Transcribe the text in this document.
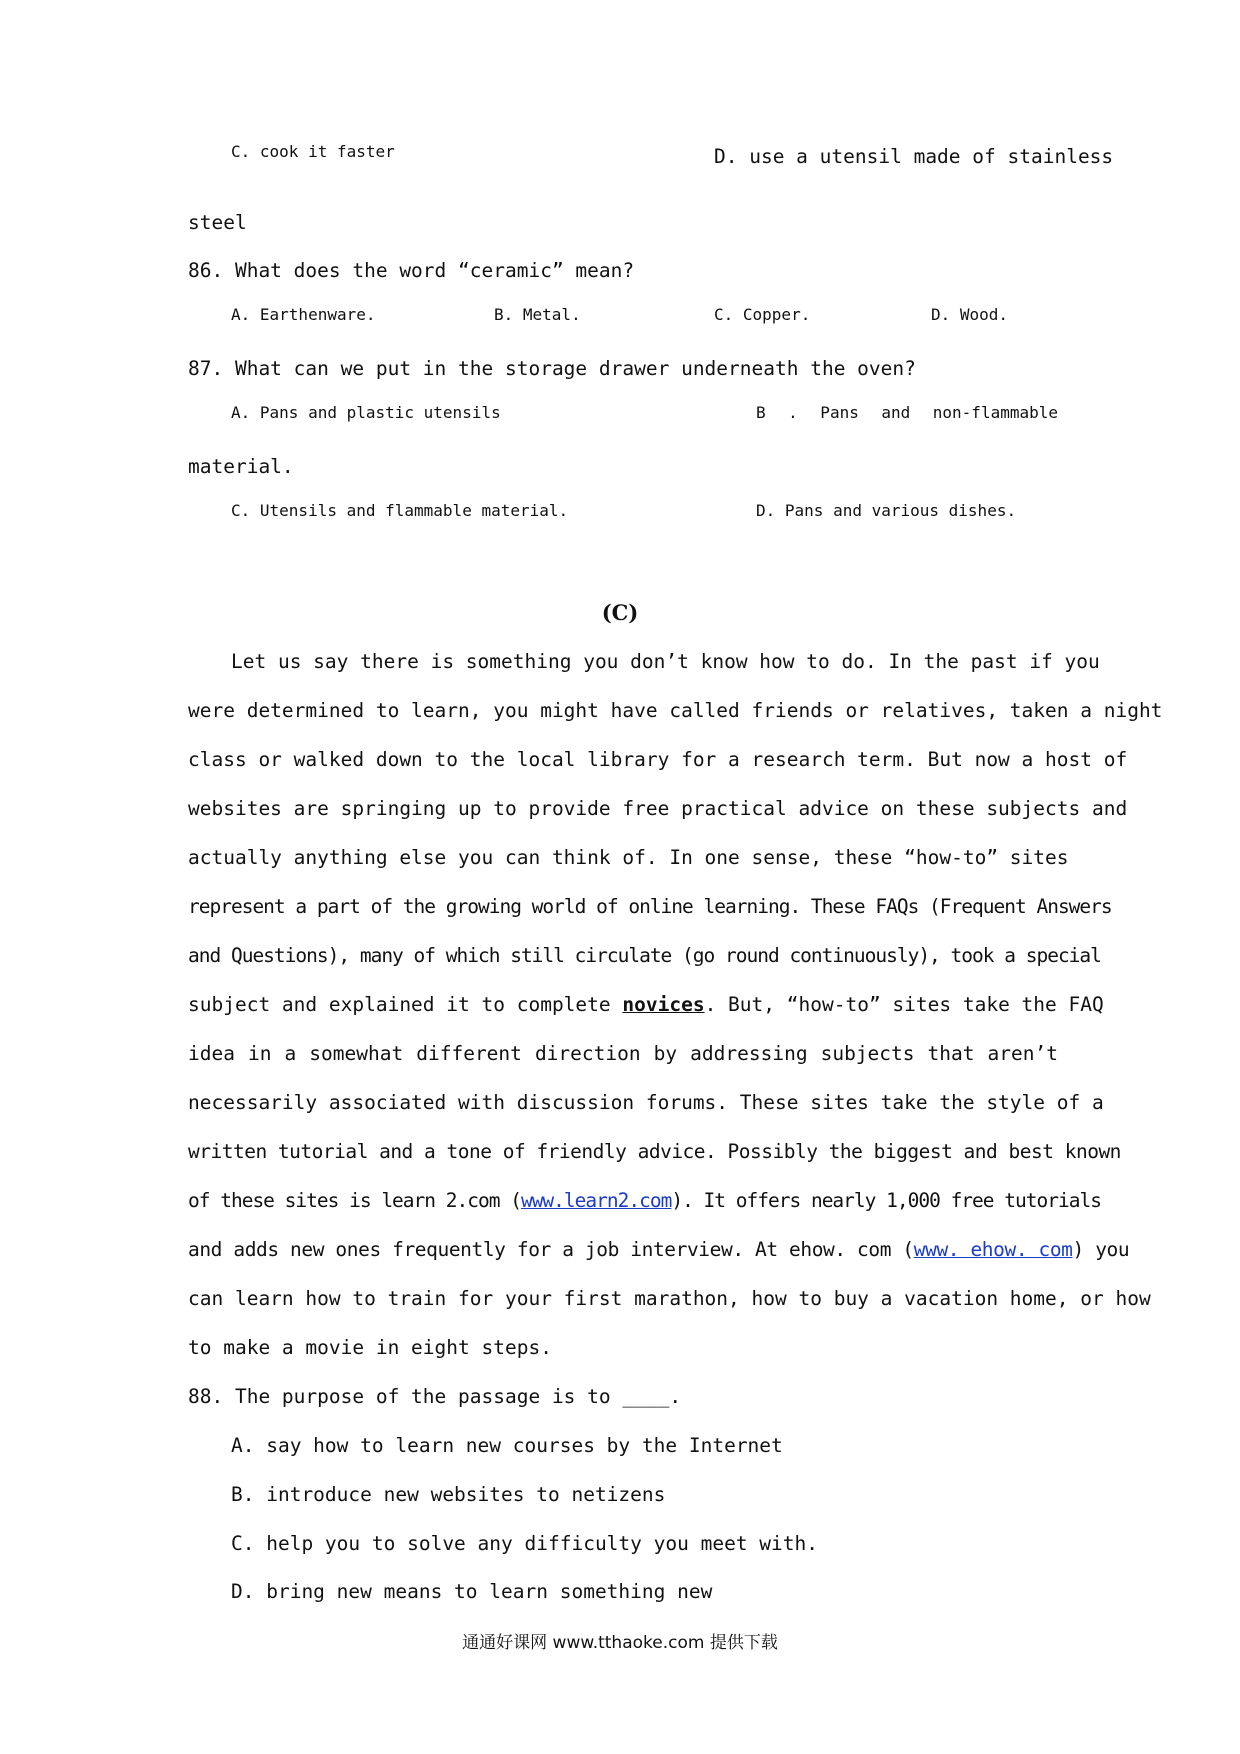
C. cook it faster	D. use a utensil made of stainless
steel
86. What does the word “ceramic” mean?
A. Earthenware.	B. Metal.	C. Copper.	D. Wood.
87. What can we put in the storage drawer underneath the oven?
A. Pans and plastic utensils	B . Pans and non-flammable
material.
C. Utensils and flammable material.	D. Pans and various dishes.
(C)
Let us say there is something you don’t know how to do. In the past if you
were determined to learn, you might have called friends or relatives, taken a night
class or walked down to the local library for a research term. But now a host of
websites are springing up to provide free practical advice on these subjects and
actually anything else you can think of. In one sense, these “how-to” sites
represent a part of the growing world of online learning. These FAQs (Frequent Answers
and Questions), many of which still circulate (go round continuously), took a special
subject and explained it to complete novices. But, “how-to” sites take the FAQ
idea in a somewhat different direction by addressing subjects that aren’t
necessarily associated with discussion forums. These sites take the style of a
written tutorial and a tone of friendly advice. Possibly the biggest and best known
of these sites is learn 2.com (www.learn2.com). It offers nearly 1,000 free tutorials
and adds new ones frequently for a job interview. At ehow. com (www. ehow. com) you
can learn how to train for your first marathon, how to buy a vacation home, or how
to make a movie in eight steps.
88. The purpose of the passage is to ____.
A. say how to learn new courses by the Internet
B. introduce new websites to netizens
C. help you to solve any difficulty you meet with.
D. bring new means to learn something new
通通好课网 www.tthaoke.com 提供下载
